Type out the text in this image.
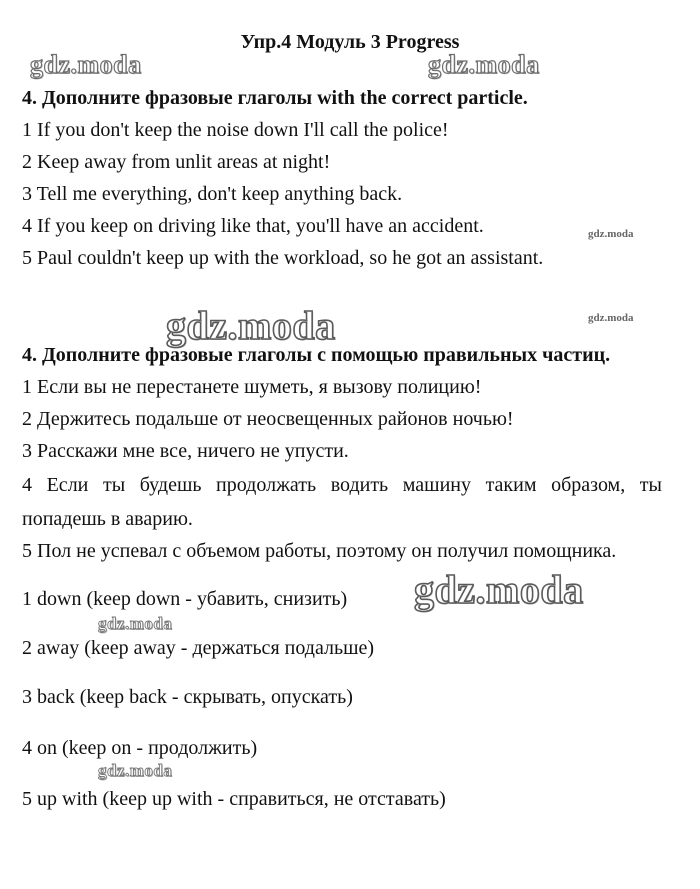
Упр.4 Модуль 3 Progress
gdz.moda	gdz.moda
gdz.moda
gdz.moda	gdz.moda
gdz.moda
gdz.moda
gdz.moda
4. Дополните фразовые глаголы with the correct particle.
1 If you don't keep the noise down I'll call the police!
2 Keep away from unlit areas at night!
3 Tell me everything, don't keep anything back.
4 If you keep on driving like that, you'll have an accident.
5 Paul couldn't keep up with the workload, so he got an assistant.
4. Дополните фразовые глаголы с помощью правильных частиц.
1 Если вы не перестанете шуметь, я вызову полицию!
2 Держитесь подальше от неосвещенных районов ночью!
3 Расскажи мне все, ничего не упусти.
4 Если ты будешь продолжать водить машину таким образом, ты
попадешь в аварию.
5 Пол не успевал с объемом работы, поэтому он получил помощника.
1 down (keep down - убавить, снизить)
2 away (keep away - держаться подальше)
3 back (keep back - скрывать, опускать)
4 on (keep on - продолжить)
5 up with (keep up with - справиться, не отставать)
